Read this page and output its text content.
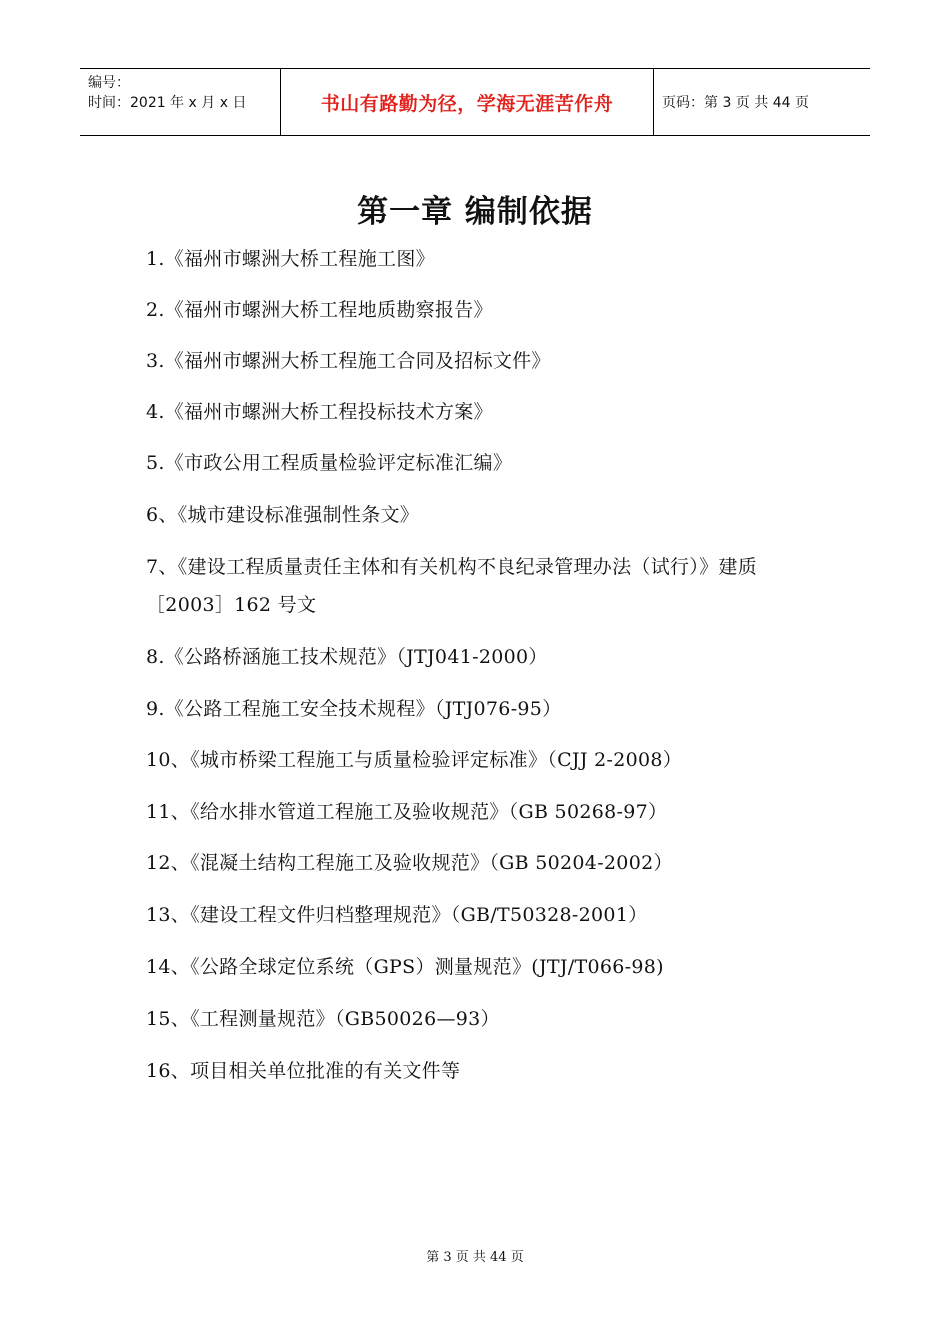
编号：
时间：2021 年 x 月 x 日	书山有路勤为径，学海无涯苦作舟	页码：第 3 页 共 44 页
第一章 编制依据
1.《福州市螺洲大桥工程施工图》
2.《福州市螺洲大桥工程地质勘察报告》
3.《福州市螺洲大桥工程施工合同及招标文件》
4.《福州市螺洲大桥工程投标技术方案》
5.《市政公用工程质量检验评定标准汇编》
6、《城市建设标准强制性条文》
7、《建设工程质量责任主体和有关机构不良纪录管理办法（试行）》建质［2003］162 号文
8.《公路桥涵施工技术规范》（JTJ041-2000）
9.《公路工程施工安全技术规程》（JTJ076-95）
10、《城市桥梁工程施工与质量检验评定标准》（CJJ 2-2008）
11、《给水排水管道工程施工及验收规范》（GB 50268-97）
12、《混凝土结构工程施工及验收规范》（GB 50204-2002）
13、《建设工程文件归档整理规范》（GB/T50328-2001）
14、《公路全球定位系统（GPS）测量规范》(JTJ/T066-98)
15、《工程测量规范》（GB50026—93）
16、项目相关单位批准的有关文件等
第 3 页 共 44 页
